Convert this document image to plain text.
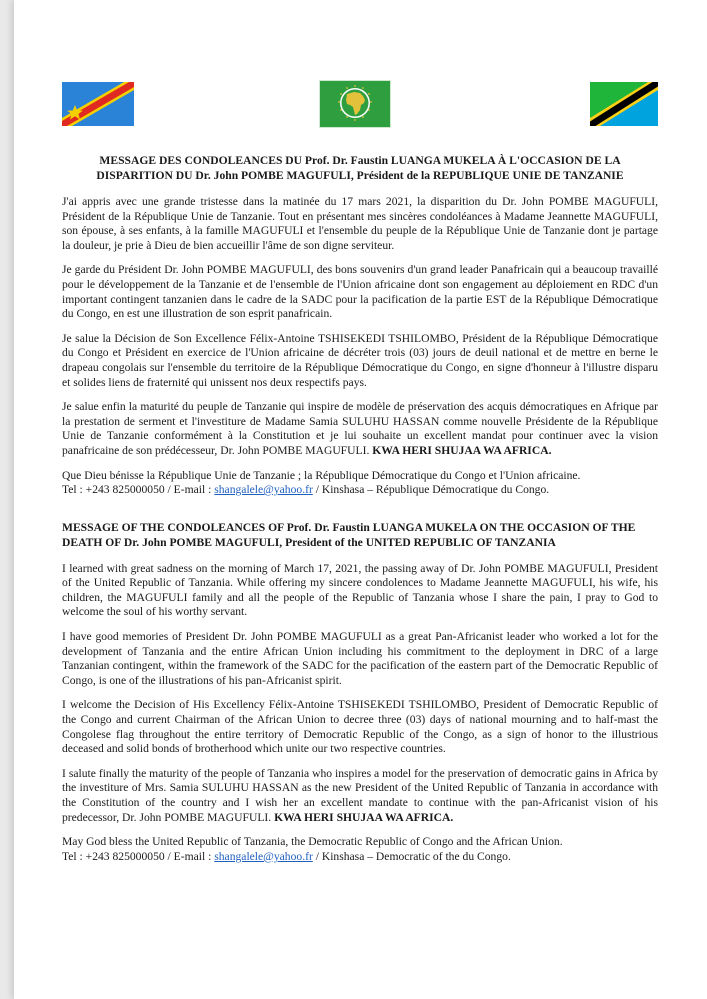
MESSAGE DES CONDOLEANCES DU Prof. Dr. Faustin LUANGA MUKELA À L'OCCASION DE LA DISPARITION DU Dr. John POMBE MAGUFULI, Président de la REPUBLIQUE UNIE DE TANZANIE

J'ai appris avec une grande tristesse dans la matinée du 17 mars 2021, la disparition du Dr. John POMBE MAGUFULI, Président de la République Unie de Tanzanie. Tout en présentant mes sincères condoléances à Madame Jeannette MAGUFULI, son épouse, à ses enfants, à la famille MAGUFULI et l'ensemble du peuple de la République Unie de Tanzanie dont je partage la douleur, je prie à Dieu de bien accueillir l'âme de son digne serviteur.

Je garde du Président Dr. John POMBE MAGUFULI, des bons souvenirs d'un grand leader Panafricain qui a beaucoup travaillé pour le développement de la Tanzanie et de l'ensemble de l'Union africaine dont son engagement au déploiement en RDC d'un important contingent tanzanien dans le cadre de la SADC pour la pacification de la partie EST de la République Démocratique du Congo, en est une illustration de son esprit panafricain.

Je salue la Décision de Son Excellence Félix-Antoine TSHISEKEDI TSHILOMBO, Président de la République Démocratique du Congo et Président en exercice de l'Union africaine de décréter trois (03) jours de deuil national et de mettre en berne le drapeau congolais sur l'ensemble du territoire de la République Démocratique du Congo, en signe d'honneur à l'illustre disparu et solides liens de fraternité qui unissent nos deux respectifs pays.

Je salue enfin la maturité du peuple de Tanzanie qui inspire de modèle de préservation des acquis démocratiques en Afrique par la prestation de serment et l'investiture de Madame Samia SULUHU HASSAN comme nouvelle Présidente de la République Unie de Tanzanie conformément à la Constitution et je lui souhaite un excellent mandat pour continuer avec la vision panafricaine de son prédécesseur, Dr. John POMBE MAGUFULI. KWA HERI SHUJAA WA AFRICA.

Que Dieu bénisse la République Unie de Tanzanie ; la République Démocratique du Congo et l'Union africaine.

Tel : +243 825000050 / E-mail : shangalele@yahoo.fr / Kinshasa – République Démocratique du Congo.

MESSAGE OF THE CONDOLEANCES OF Prof. Dr. Faustin LUANGA MUKELA ON THE OCCASION OF THE DEATH OF Dr. John POMBE MAGUFULI, President of the UNITED REPUBLIC OF TANZANIA

I learned with great sadness on the morning of March 17, 2021, the passing away of Dr. John POMBE MAGUFULI, President of the United Republic of Tanzania. While offering my sincere condolences to Madame Jeannette MAGUFULI, his wife, his children, the MAGUFULI family and all the people of the Republic of Tanzania whose I share the pain, I pray to God to welcome the soul of his worthy servant.

I have good memories of President Dr. John POMBE MAGUFULI as a great Pan-Africanist leader who worked a lot for the development of Tanzania and the entire African Union including his commitment to the deployment in DRC of a large Tanzanian contingent, within the framework of the SADC for the pacification of the eastern part of the Democratic Republic of Congo, is one of the illustrations of his pan-Africanist spirit.

I welcome the Decision of His Excellency Félix-Antoine TSHISEKEDI TSHILOMBO, President of Democratic Republic of the Congo and current Chairman of the African Union to decree three (03) days of national mourning and to half-mast the Congolese flag throughout the entire territory of Democratic Republic of the Congo, as a sign of honor to the illustrious deceased and solid bonds of brotherhood which unite our two respective countries.

I salute finally the maturity of the people of Tanzania who inspires a model for the preservation of democratic gains in Africa by the investiture of Mrs. Samia SULUHU HASSAN as the new President of the United Republic of Tanzania in accordance with the Constitution of the country and I wish her an excellent mandate to continue with the pan-Africanist vision of his predecessor, Dr. John POMBE MAGUFULI. KWA HERI SHUJAA WA AFRICA.

May God bless the United Republic of Tanzania, the Democratic Republic of Congo and the African Union.

Tel : +243 825000050 / E-mail : shangalele@yahoo.fr / Kinshasa – Democratic of the du Congo.
